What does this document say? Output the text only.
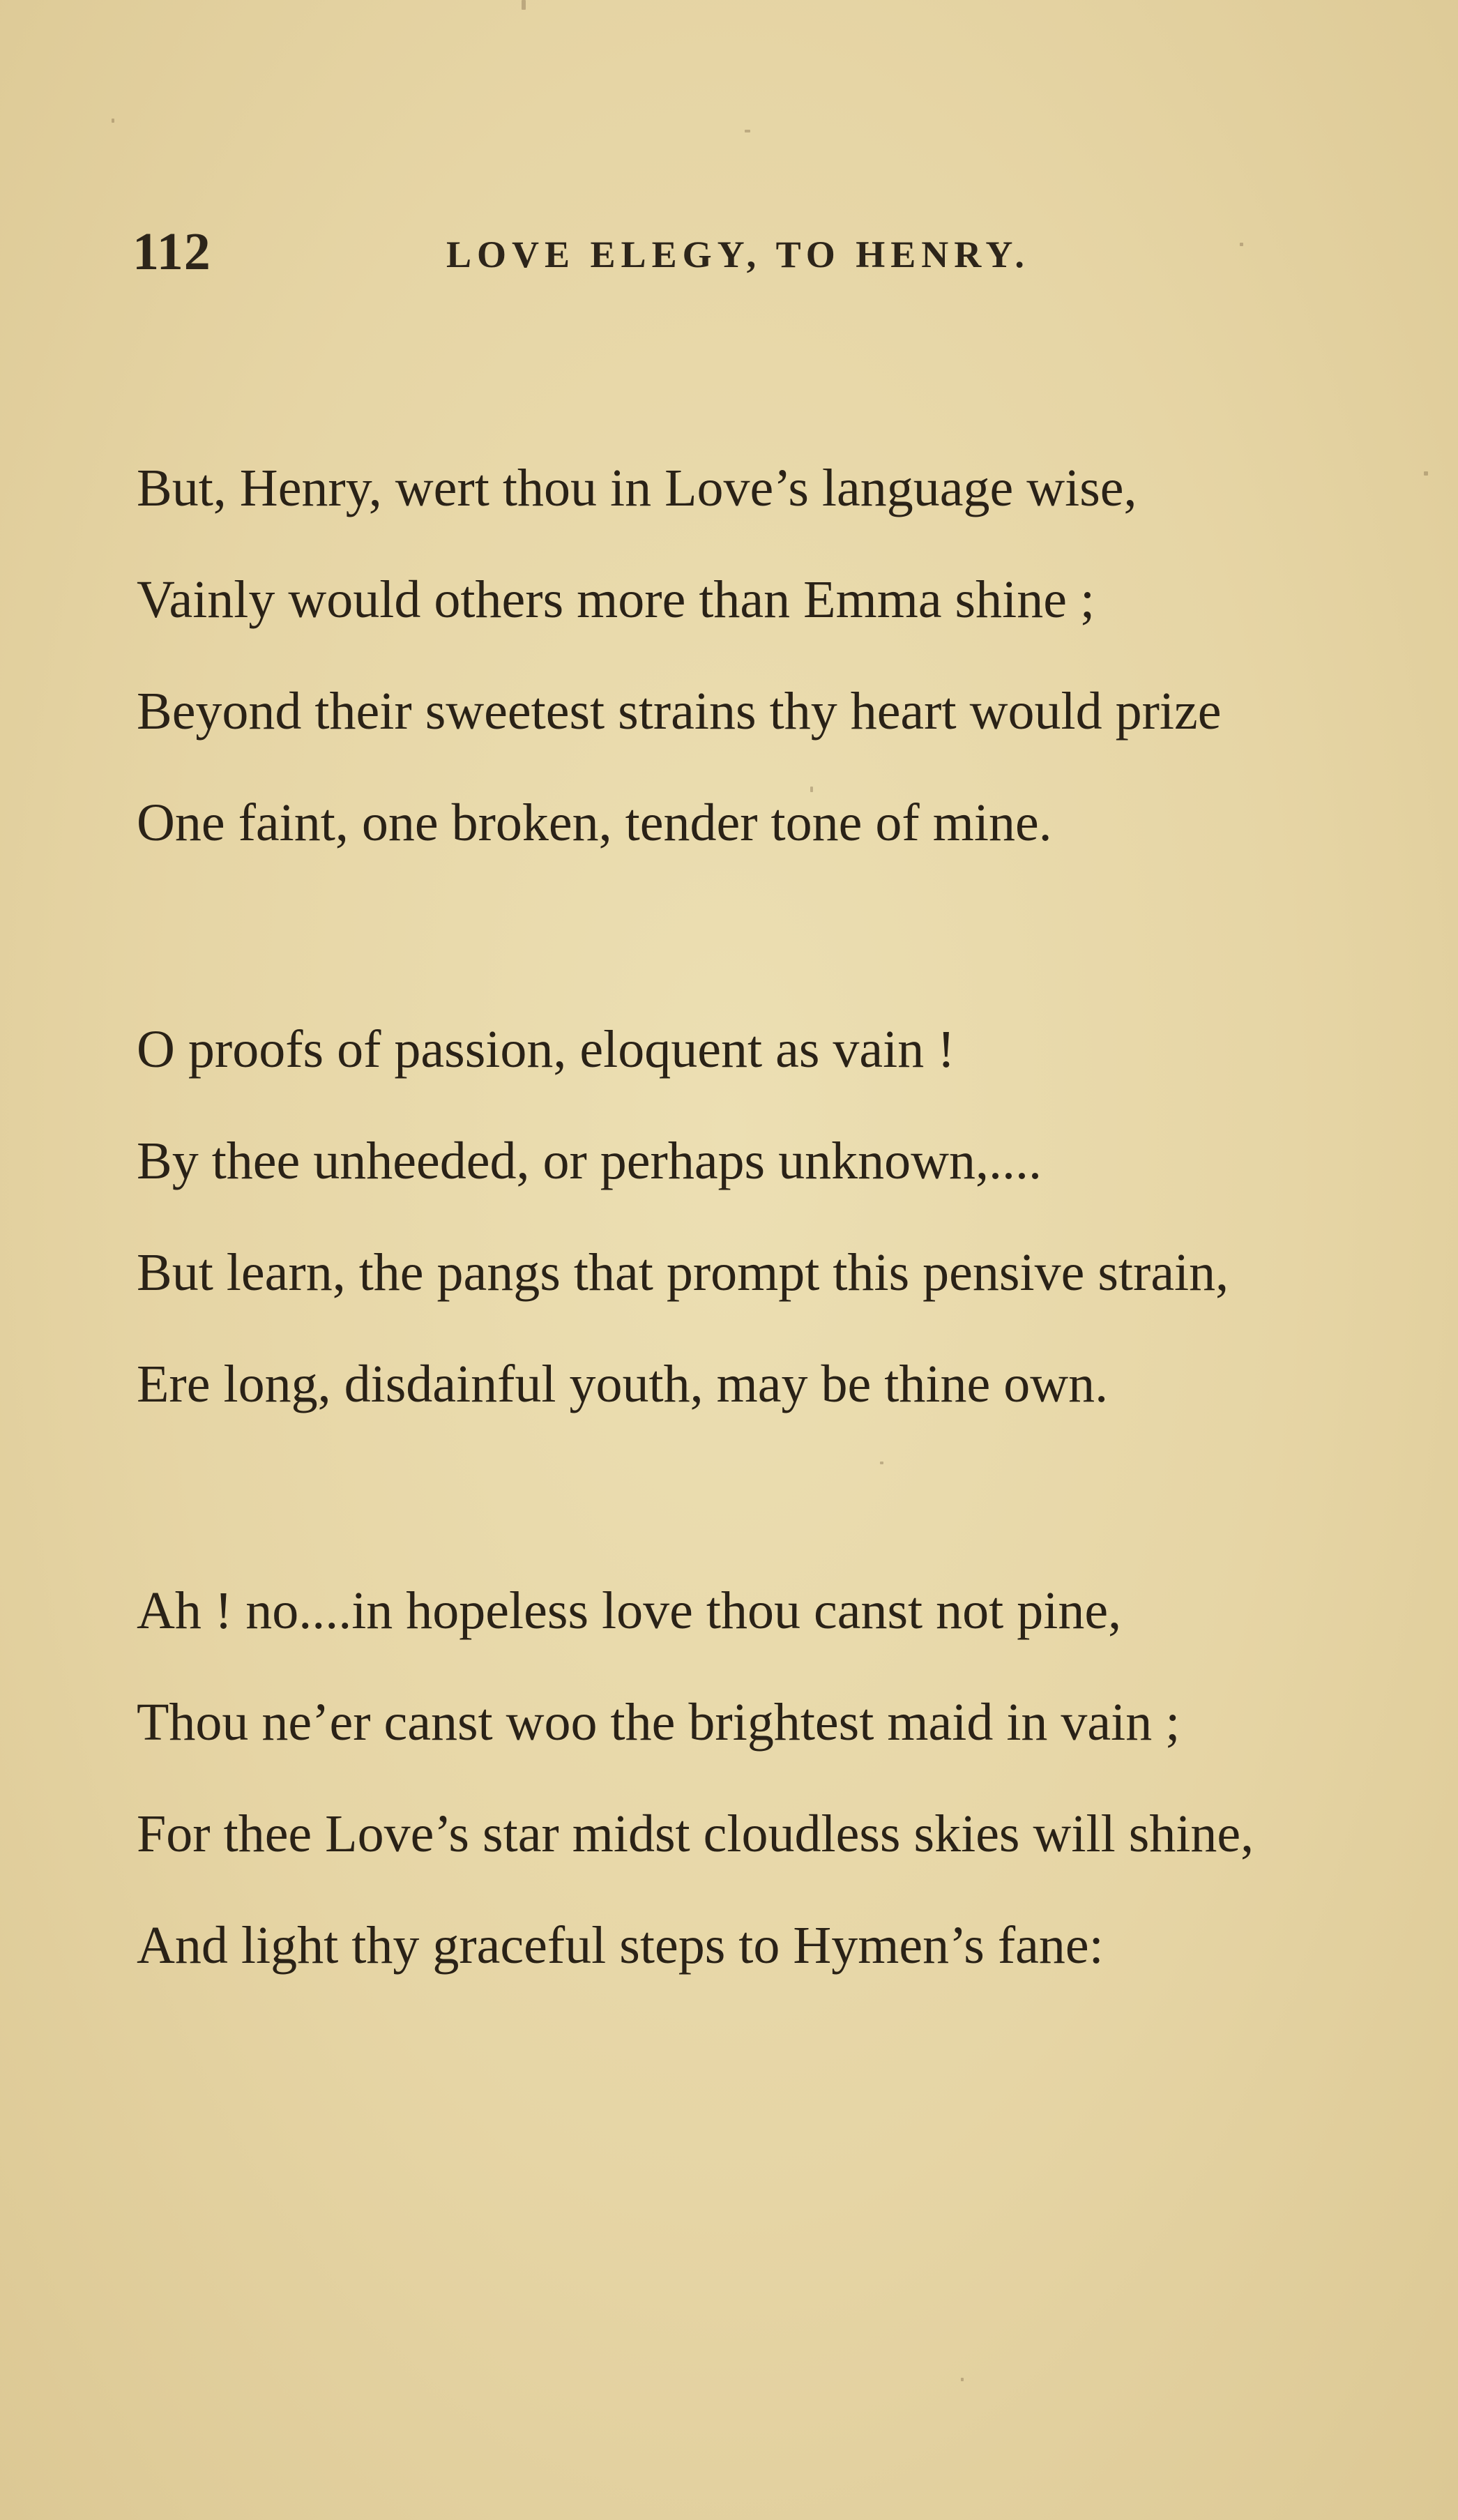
112	LOVE ELEGY, TO HENRY.
But, Henry, wert thou in Love’s language wise,
Vainly would others more than Emma shine ;
Beyond their sweetest strains thy heart would prize
One faint, one broken, tender tone of mine.
O proofs of passion, eloquent as vain !
By thee unheeded, or perhaps unknown,....
But learn, the pangs that prompt this pensive strain,
Ere long, disdainful youth, may be thine own.
Ah ! no....in hopeless love thou canst not pine,
Thou ne’er canst woo the brightest maid in vain ;
For thee Love’s star midst cloudless skies will shine,
And light thy graceful steps to Hymen’s fane:
